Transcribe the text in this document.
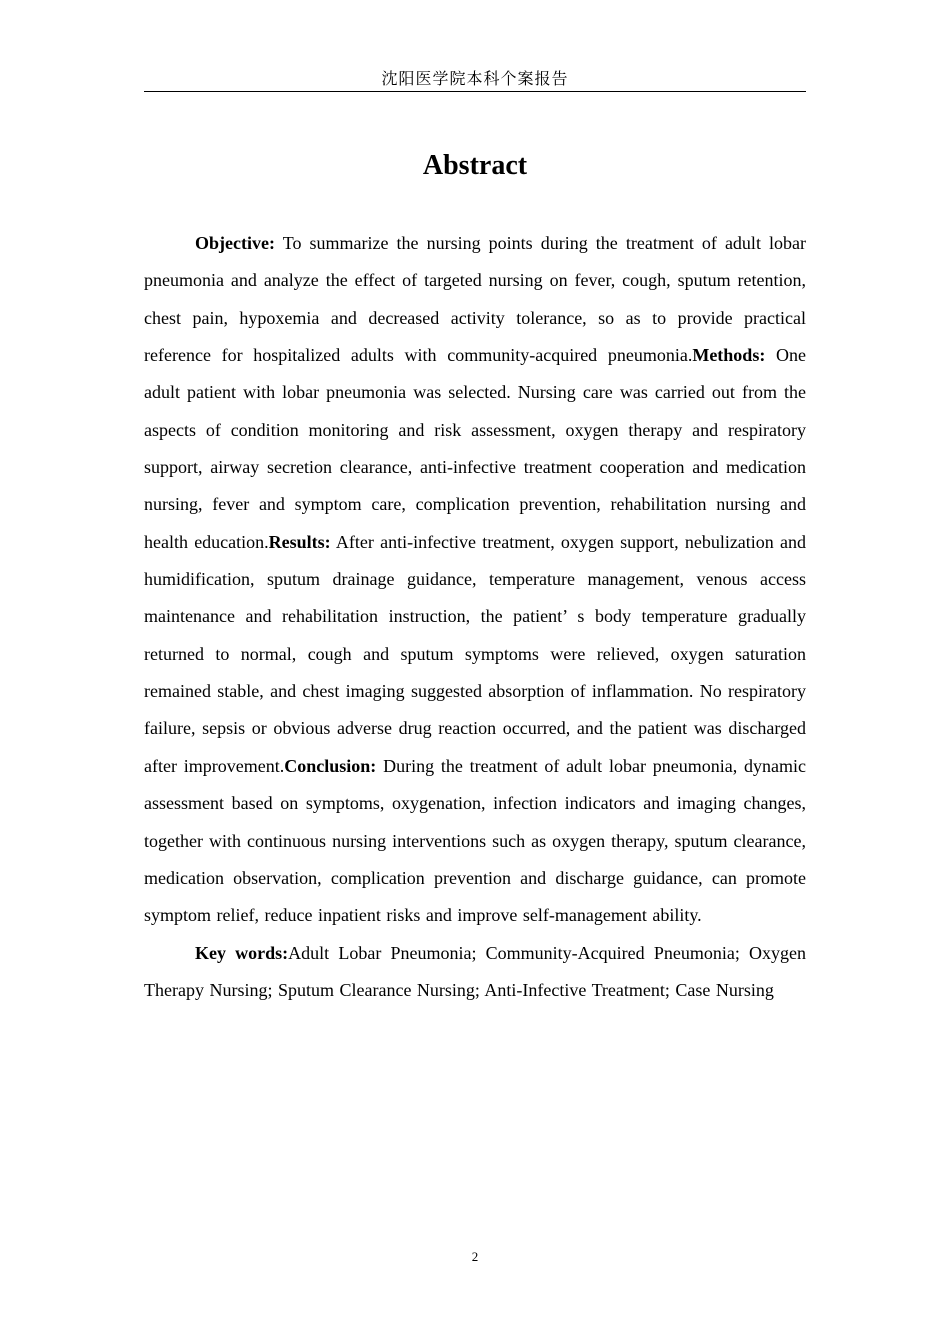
沈阳医学院本科个案报告
Abstract

Objective: To summarize the nursing points during the treatment of adult lobar pneumonia and analyze the effect of targeted nursing on fever, cough, sputum retention, chest pain, hypoxemia and decreased activity tolerance, so as to provide practical reference for hospitalized adults with community-acquired pneumonia.Methods: One adult patient with lobar pneumonia was selected. Nursing care was carried out from the aspects of condition monitoring and risk assessment, oxygen therapy and respiratory support, airway secretion clearance, anti-infective treatment cooperation and medication nursing, fever and symptom care, complication prevention, rehabilitation nursing and health education.Results: After anti-infective treatment, oxygen support, nebulization and humidification, sputum drainage guidance, temperature management, venous access maintenance and rehabilitation instruction, the patient’ s body temperature gradually returned to normal, cough and sputum symptoms were relieved, oxygen saturation remained stable, and chest imaging suggested absorption of inflammation. No respiratory failure, sepsis or obvious adverse drug reaction occurred, and the patient was discharged after improvement.Conclusion: During the treatment of adult lobar pneumonia, dynamic assessment based on symptoms, oxygenation, infection indicators and imaging changes, together with continuous nursing interventions such as oxygen therapy, sputum clearance, medication observation, complication prevention and discharge guidance, can promote symptom relief, reduce inpatient risks and improve self-management ability.

Key words:Adult Lobar Pneumonia; Community-Acquired Pneumonia; Oxygen Therapy Nursing; Sputum Clearance Nursing; Anti-Infective Treatment; Case Nursing

2
